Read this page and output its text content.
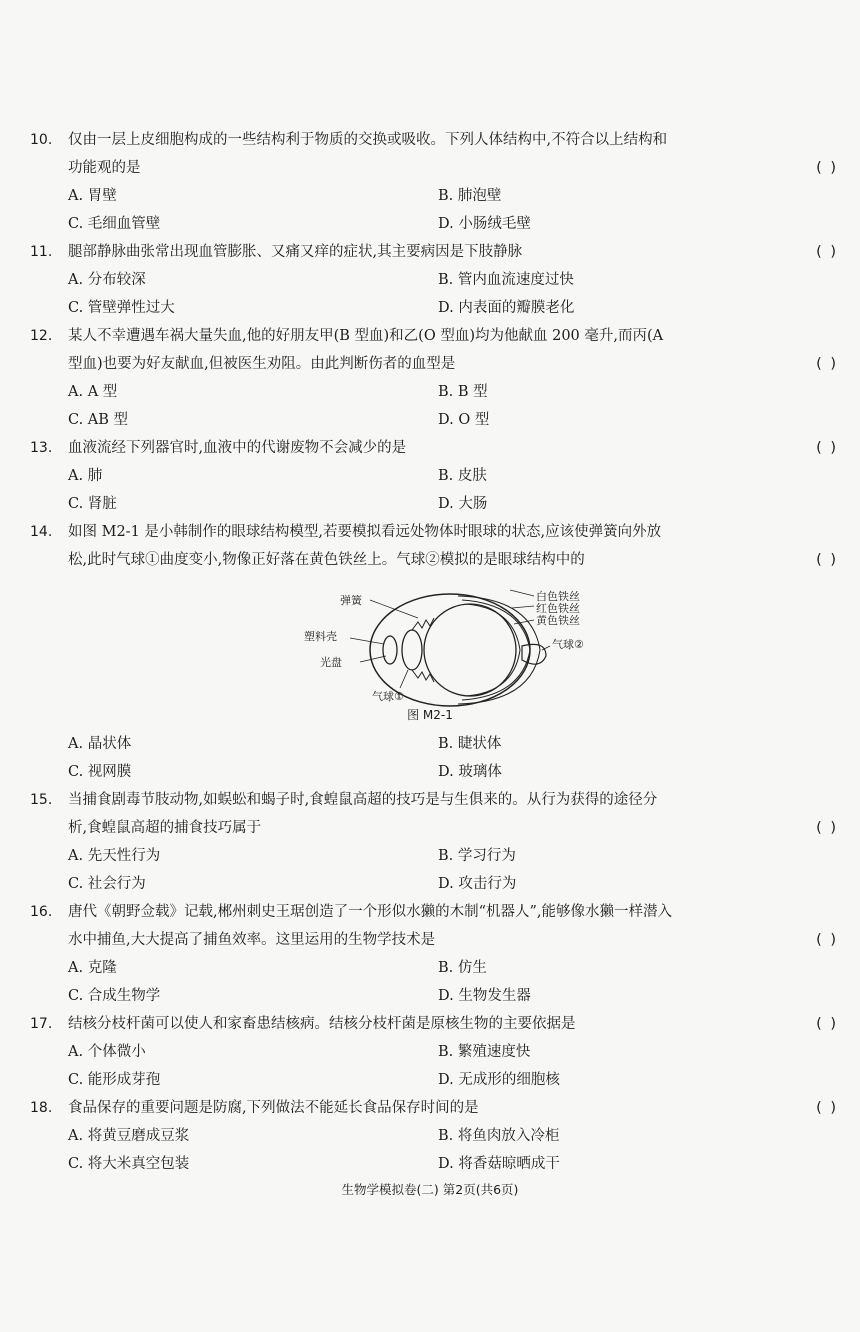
10.	仅由一层上皮细胞构成的一些结构利于物质的交换或吸收。下列人体结构中,不符合以上结构和

功能观的是	( )
A. 胃壁	B. 肺泡壁
C. 毛细血管壁	D. 小肠绒毛壁
11.	腿部静脉曲张常出现血管膨胀、又痛又痒的症状,其主要病因是下肢静脉	( )
A. 分布较深	B. 管内血流速度过快
C. 管壁弹性过大	D. 内表面的瓣膜老化
12.	某人不幸遭遇车祸大量失血,他的好朋友甲(B 型血)和乙(O 型血)均为他献血 200 毫升,而丙(A

型血)也要为好友献血,但被医生劝阻。由此判断伤者的血型是	( )
A. A 型	B. B 型
C. AB 型	D. O 型
13.	血液流经下列器官时,血液中的代谢废物不会减少的是	( )
A. 肺	B. 皮肤
C. 肾脏	D. 大肠
14.	如图 M2-1 是小韩制作的眼球结构模型,若要模拟看远处物体时眼球的状态,应该使弹簧向外放

松,此时气球①曲度变小,物像正好落在黄色铁丝上。气球②模拟的是眼球结构中的	( )
弹簧
塑料壳
光盘
气球①
白色铁丝
红色铁丝
黄色铁丝
气球②
图 M2-1
A. 晶状体	B. 睫状体
C. 视网膜	D. 玻璃体
15.	当捕食剧毒节肢动物,如蜈蚣和蝎子时,食蝗鼠高超的技巧是与生俱来的。从行为获得的途径分

析,食蝗鼠高超的捕食技巧属于	( )
A. 先天性行为	B. 学习行为
C. 社会行为	D. 攻击行为
16.	唐代《朝野佥载》记载,郴州刺史王琚创造了一个形似水獭的木制“机器人”,能够像水獭一样潜入

水中捕鱼,大大提高了捕鱼效率。这里运用的生物学技术是	( )
A. 克隆	B. 仿生
C. 合成生物学	D. 生物发生器
17.	结核分枝杆菌可以使人和家畜患结核病。结核分枝杆菌是原核生物的主要依据是	( )
A. 个体微小	B. 繁殖速度快
C. 能形成芽孢	D. 无成形的细胞核
18.	食品保存的重要问题是防腐,下列做法不能延长食品保存时间的是	( )
A. 将黄豆磨成豆浆	B. 将鱼肉放入冷柜
C. 将大米真空包装	D. 将香菇晾晒成干
生物学模拟卷(二) 第2页(共6页)
